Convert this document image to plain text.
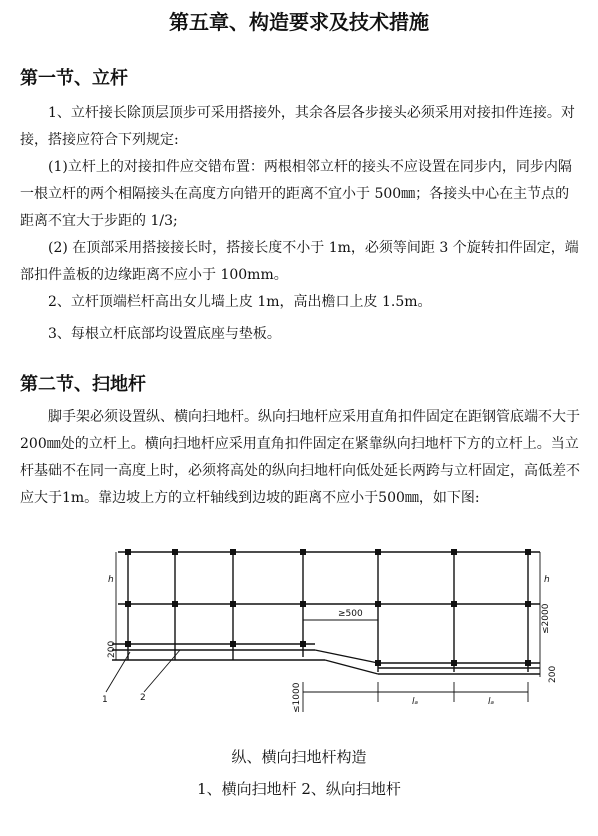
第五章、构造要求及技术措施
第一节、立杆
1、立杆接长除顶层顶步可采用搭接外，其余各层各步接头必须采用对接扣件连接。对接，搭接应符合下列规定:
(1)立杆上的对接扣件应交错布置：两根相邻立杆的接头不应设置在同步内，同步内隔一根立杆的两个相隔接头在高度方向错开的距离不宜小于 500㎜；各接头中心在主节点的距离不宜大于步距的 1/3;
(2) 在顶部采用搭接接长时，搭接长度不小于 1m，必须等间距 3 个旋转扣件固定，端部扣件盖板的边缘距离不应小于 100mm。
2、立杆顶端栏杆高出女儿墙上皮 1m，高出檐口上皮 1.5m。
3、每根立杆底部均设置底座与垫板。
第二节、扫地杆
脚手架必须设置纵、横向扫地杆。纵向扫地杆应采用直角扣件固定在距钢管底端不大于200㎜处的立杆上。横向扫地杆应采用直角扣件固定在紧靠纵向扫地杆下方的立杆上。当立杆基础不在同一高度上时，必须将高处的纵向扫地杆向低处延长两跨与立杆固定，高低差不应大于1m。靠边坡上方的立杆轴线到边坡的距离不应小于500㎜，如下图:
h	h
≥500	≤2000
200
200
≤1000	lₐ	lₐ
1	2
纵、横向扫地杆构造
1、横向扫地杆 2、纵向扫地杆
